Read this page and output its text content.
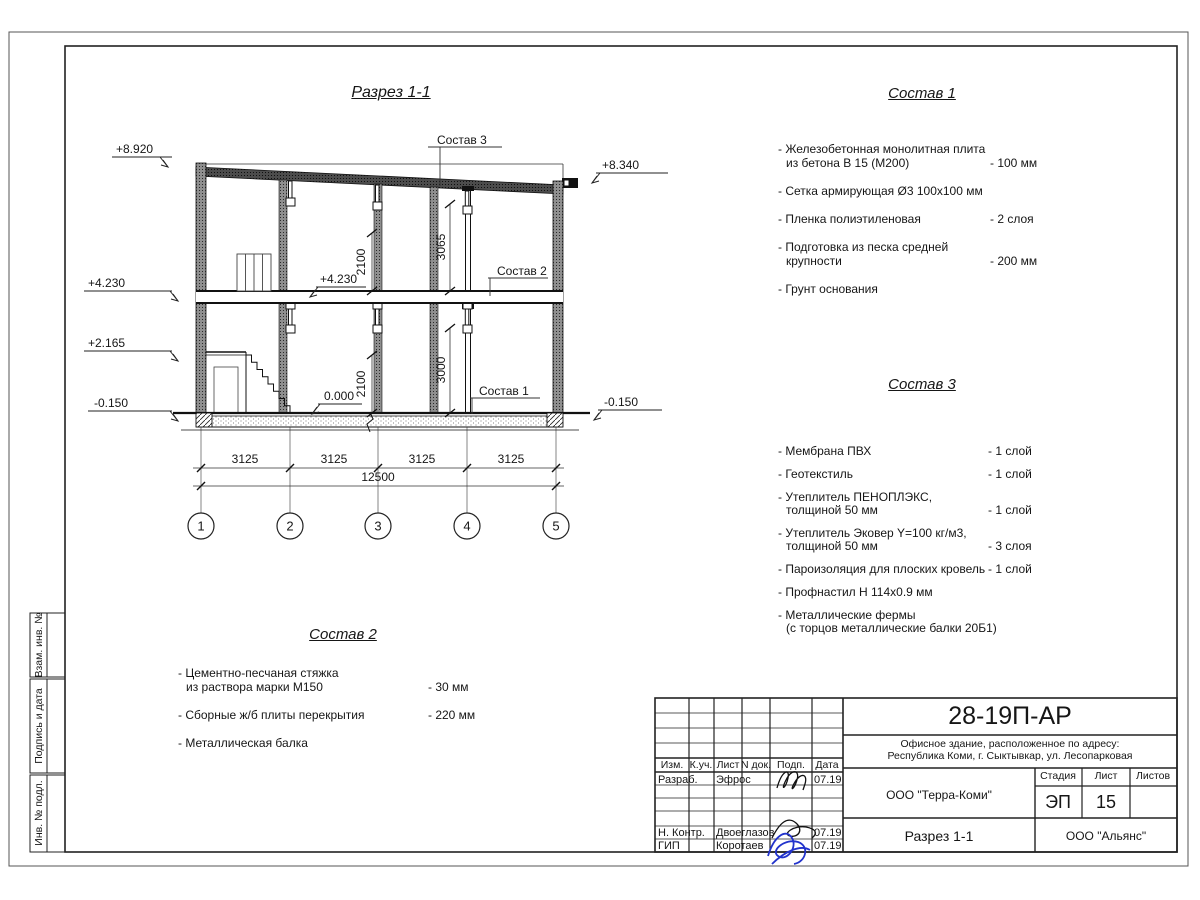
Разрез 1-1	Состав 1
Состав 3
Состав 2
- Железобетонная монолитная плита
из бетона В 15 (М200)	- 100 мм
- Сетка армирующая Ø3 100х100 мм
- Пленка полиэтиленовая	- 2 слоя
- Подготовка из песка средней
крупности	- 200 мм
- Грунт основания
- Мембрана ПВХ	- 1 слой
- Геотекстиль	- 1 слой
- Утеплитель ПЕНОПЛЭКС,
толщиной 50 мм	- 1 слой
- Утеплитель Эковер Y=100 кг/м3,
толщиной 50 мм	- 3 слоя
- Пароизоляция для плоских кровель - 1 слой
- Профнастил Н 114х0.9 мм
- Металлические фермы
(с торцов металлические балки 20Б1)
- Цементно-песчаная стяжка
из раствора марки М150	- 30 мм
- Сборные ж/б плиты перекрытия	- 220 мм
- Металлическая балка
+8.920
+4.230
+2.165
-0.150
+8.340
-0.150
+4.230
0.000
Состав 3
Состав 2
Состав 1
2100
3065
2100
3000
3125	3125	3125	3125
12500
1	2	3	4	5
Взам. инв. №
Подпись и дата
Инв. № подл.
28-19П-АР
Офисное здание, расположенное по адресу:
Республика Коми, г. Сыктывкар, ул. Лесопарковая
Изм. К.уч. Лист N док. Подп. Дата
Разраб. Эфрос	07.19
Н. Контр. Двоеглазов	07.19
ГИП	Коротаев	07.19
ООО "Терра-Коми"
Стадия Лист Листов
ЭП 15
Разрез 1-1	ООО "Альянс"
